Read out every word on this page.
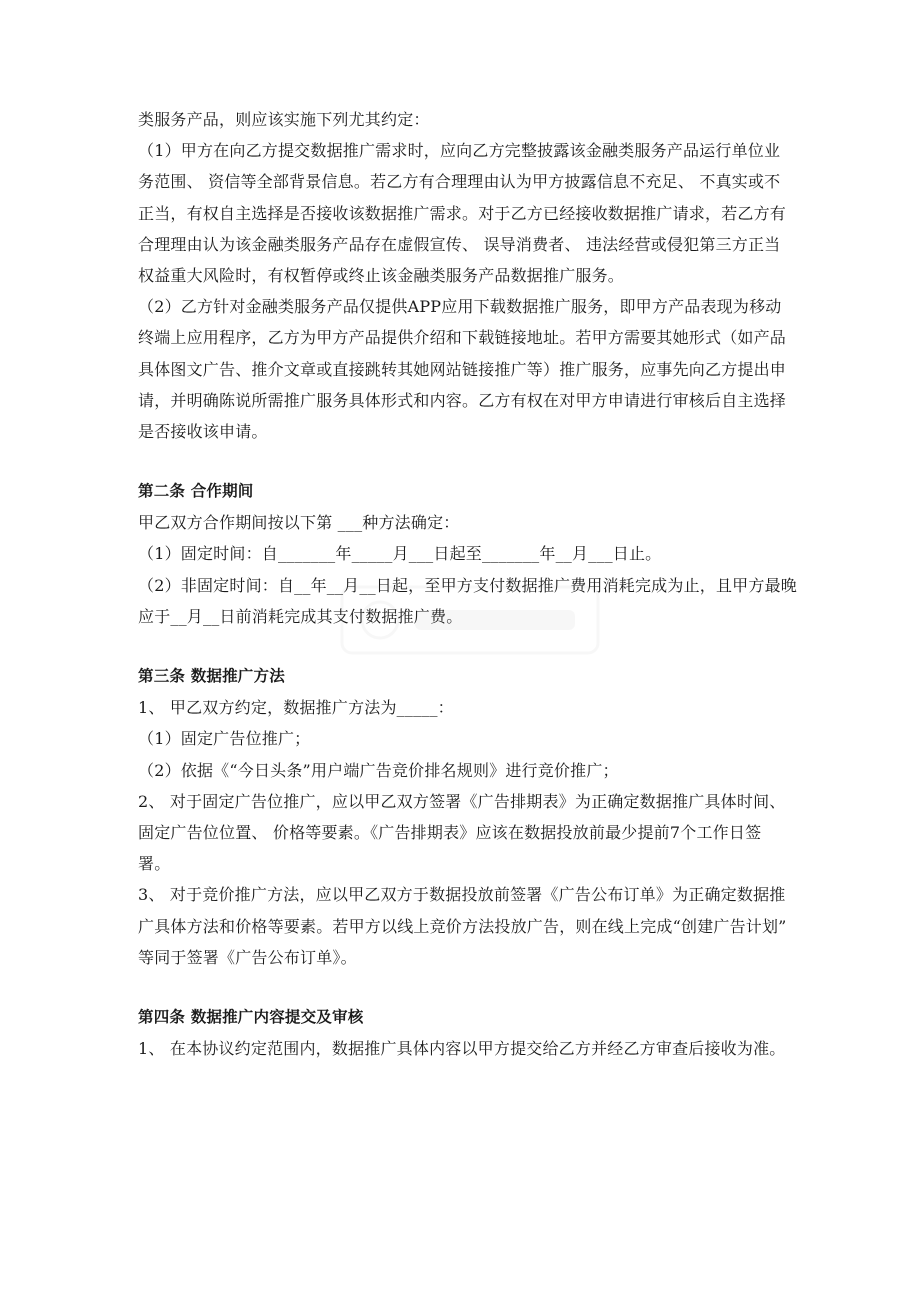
类服务产品，则应该实施下列尤其约定：
（1）甲方在向乙方提交数据推广需求时，应向乙方完整披露该金融类服务产品运行单位业
务范围、 资信等全部背景信息。若乙方有合理理由认为甲方披露信息不充足、 不真实或不
正当，有权自主选择是否接收该数据推广需求。对于乙方已经接收数据推广请求，若乙方有
合理理由认为该金融类服务产品存在虚假宣传、 误导消费者、 违法经营或侵犯第三方正当
权益重大风险时，有权暂停或终止该金融类服务产品数据推广服务。
（2）乙方针对金融类服务产品仅提供APP应用下载数据推广服务，即甲方产品表现为移动
终端上应用程序，乙方为甲方产品提供介绍和下载链接地址。若甲方需要其她形式（如产品
具体图文广告、推介文章或直接跳转其她网站链接推广等）推广服务，应事先向乙方提出申
请，并明确陈说所需推广服务具体形式和内容。乙方有权在对甲方申请进行审核后自主选择
是否接收该申请。
第二条 合作期间
甲乙双方合作期间按以下第 ___种方法确定：
（1）固定时间：自_______年_____月___日起至_______年__月___日止。
（2）非固定时间：自__年__月__日起，至甲方支付数据推广费用消耗完成为止，且甲方最晚
应于__月__日前消耗完成其支付数据推广费。
第三条 数据推广方法
1、 甲乙双方约定，数据推广方法为_____：
（1）固定广告位推广；
（2）依据《“今日头条”用户端广告竞价排名规则》进行竞价推广；
2、 对于固定广告位推广，应以甲乙双方签署《广告排期表》为正确定数据推广具体时间、
固定广告位位置、 价格等要素。《广告排期表》应该在数据投放前最少提前7个工作日签
署。
3、 对于竞价推广方法，应以甲乙双方于数据投放前签署《广告公布订单》为正确定数据推
广具体方法和价格等要素。若甲方以线上竞价方法投放广告，则在线上完成“创建广告计划”
等同于签署《广告公布订单》。
第四条 数据推广内容提交及审核
1、 在本协议约定范围内，数据推广具体内容以甲方提交给乙方并经乙方审查后接收为准。
